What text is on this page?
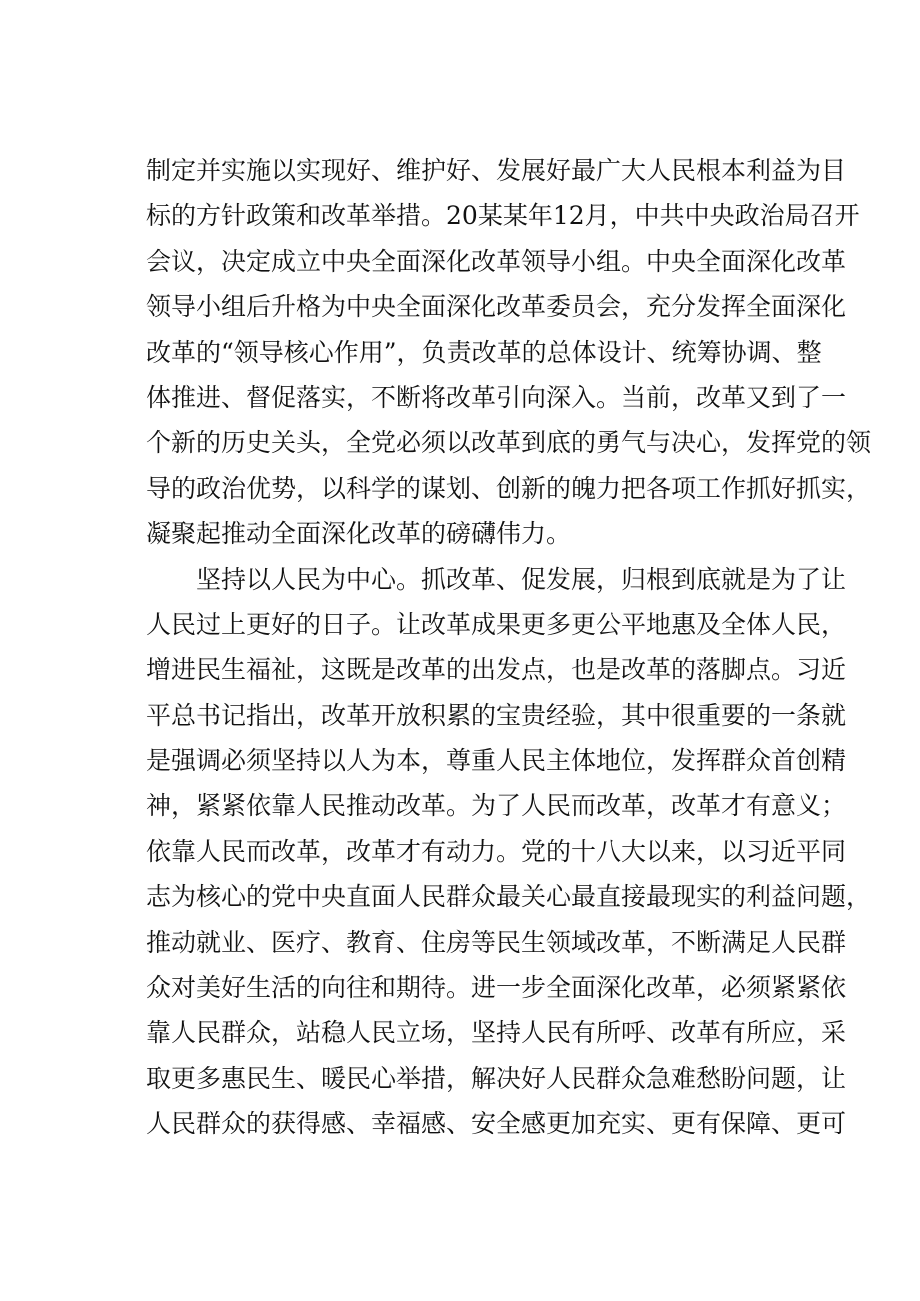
制定并实施以实现好、维护好、发展好最广大人民根本利益为目
标的方针政策和改革举措。20某某年12月，中共中央政治局召开
会议，决定成立中央全面深化改革领导小组。中央全面深化改革
领导小组后升格为中央全面深化改革委员会，充分发挥全面深化
改革的“领导核心作用”，负责改革的总体设计、统筹协调、整
体推进、督促落实，不断将改革引向深入。当前，改革又到了一
个新的历史关头，全党必须以改革到底的勇气与决心，发挥党的领
导的政治优势，以科学的谋划、创新的魄力把各项工作抓好抓实，
凝聚起推动全面深化改革的磅礴伟力。
坚持以人民为中心。抓改革、促发展，归根到底就是为了让
人民过上更好的日子。让改革成果更多更公平地惠及全体人民，
增进民生福祉，这既是改革的出发点，也是改革的落脚点。习近
平总书记指出，改革开放积累的宝贵经验，其中很重要的一条就
是强调必须坚持以人为本，尊重人民主体地位，发挥群众首创精
神，紧紧依靠人民推动改革。为了人民而改革，改革才有意义；
依靠人民而改革，改革才有动力。党的十八大以来，以习近平同
志为核心的党中央直面人民群众最关心最直接最现实的利益问题，
推动就业、医疗、教育、住房等民生领域改革，不断满足人民群
众对美好生活的向往和期待。进一步全面深化改革，必须紧紧依
靠人民群众，站稳人民立场，坚持人民有所呼、改革有所应，采
取更多惠民生、暖民心举措，解决好人民群众急难愁盼问题，让
人民群众的获得感、幸福感、安全感更加充实、更有保障、更可
